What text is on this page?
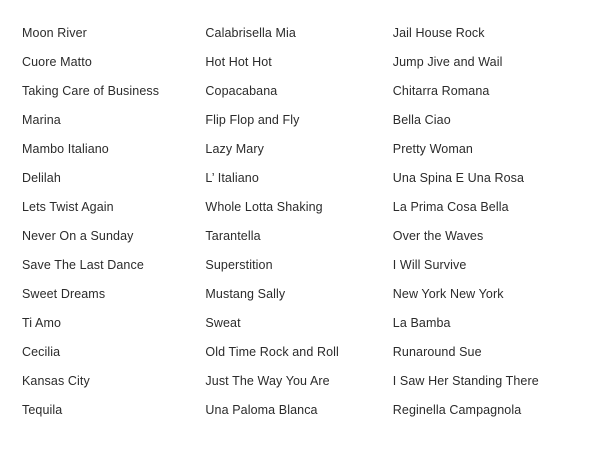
Moon River
Cuore Matto
Taking Care of Business
Marina
Mambo Italiano
Delilah
Lets Twist Again
Never On a Sunday
Save The Last Dance
Sweet Dreams
Ti Amo
Cecilia
Kansas City
Tequila
Calabrisella Mia
Hot Hot Hot
Copacabana
Flip Flop and Fly
Lazy Mary
L’ Italiano
Whole Lotta Shaking
Tarantella
Superstition
Mustang Sally
Sweat
Old Time Rock and Roll
Just The Way You Are
Una Paloma Blanca
Jail House Rock
Jump Jive and Wail
Chitarra Romana
Bella Ciao
Pretty Woman
Una Spina E Una Rosa
La Prima Cosa Bella
Over the Waves
I Will Survive
New York New York
La Bamba
Runaround Sue
I Saw Her Standing There
Reginella Campagnola
